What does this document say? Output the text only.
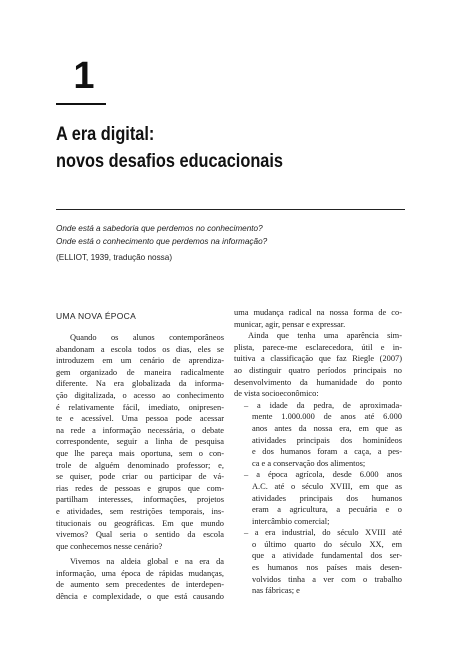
1
A era digital:
novos desafios educacionais
Onde está a sabedoria que perdemos no conhecimento?
Onde está o conhecimento que perdemos na informação?
(ELLIOT, 1939, tradução nossa)
UMA NOVA ÉPOCA
Quando os alunos contemporâneos
abandonam a escola todos os dias, eles se
introduzem em um cenário de aprendiza-
gem organizado de maneira radicalmente
diferente. Na era globalizada da informa-
ção digitalizada, o acesso ao conhecimento
é relativamente fácil, imediato, onipresen-
te e acessível. Uma pessoa pode acessar
na rede a informação necessária, o debate
correspondente, seguir a linha de pesquisa
que lhe pareça mais oportuna, sem o con-
trole de alguém denominado professor; e,
se quiser, pode criar ou participar de vá-
rias redes de pessoas e grupos que com-
partilham interesses, informações, projetos
e atividades, sem restrições temporais, ins-
titucionais ou geográficas. Em que mundo
vivemos? Qual seria o sentido da escola
que conhecemos nesse cenário?
Vivemos na aldeia global e na era da
informação, uma época de rápidas mudanças,
de aumento sem precedentes de interdepen-
dência e complexidade, o que está causando
uma mudança radical na nossa forma de co-
municar, agir, pensar e expressar.
Ainda que tenha uma aparência sim-
plista, parece-me esclarecedora, útil e in-
tuitiva a classificação que faz Riegle (2007)
ao distinguir quatro períodos principais no
desenvolvimento da humanidade do ponto
de vista socioeconômico:
– a idade da pedra, de aproximada-
mente 1.000.000 de anos até 6.000
anos antes da nossa era, em que as
atividades principais dos hominídeos
e dos humanos foram a caça, a pes-
ca e a conservação dos alimentos;
– a época agrícola, desde 6.000 anos
A.C. até o século XVIII, em que as
atividades principais dos humanos
eram a agricultura, a pecuária e o
intercâmbio comercial;
– a era industrial, do século XVIII até
o último quarto do século XX, em
que a atividade fundamental dos ser-
es humanos nos países mais desen-
volvidos tinha a ver com o trabalho
nas fábricas; e
